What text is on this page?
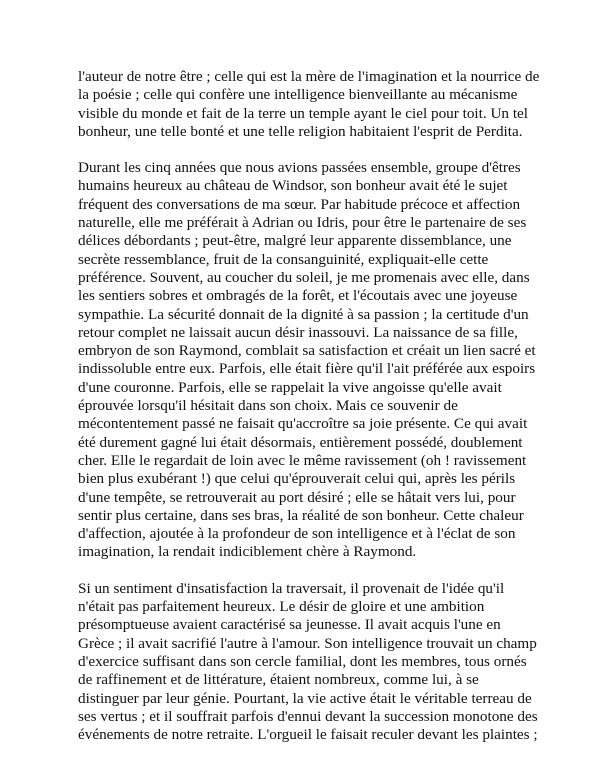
l'auteur de notre être ; celle qui est la mère de l'imagination et la nourrice de
la poésie ; celle qui confère une intelligence bienveillante au mécanisme
visible du monde et fait de la terre un temple ayant le ciel pour toit. Un tel
bonheur, une telle bonté et une telle religion habitaient l'esprit de Perdita.

Durant les cinq années que nous avions passées ensemble, groupe d'êtres
humains heureux au château de Windsor, son bonheur avait été le sujet
fréquent des conversations de ma sœur. Par habitude précoce et affection
naturelle, elle me préférait à Adrian ou Idris, pour être le partenaire de ses
délices débordants ; peut-être, malgré leur apparente dissemblance, une
secrète ressemblance, fruit de la consanguinité, expliquait-elle cette
préférence. Souvent, au coucher du soleil, je me promenais avec elle, dans
les sentiers sobres et ombragés de la forêt, et l'écoutais avec une joyeuse
sympathie. La sécurité donnait de la dignité à sa passion ; la certitude d'un
retour complet ne laissait aucun désir inassouvi. La naissance de sa fille,
embryon de son Raymond, comblait sa satisfaction et créait un lien sacré et
indissoluble entre eux. Parfois, elle était fière qu'il l'ait préférée aux espoirs
d'une couronne. Parfois, elle se rappelait la vive angoisse qu'elle avait
éprouvée lorsqu'il hésitait dans son choix. Mais ce souvenir de
mécontentement passé ne faisait qu'accroître sa joie présente. Ce qui avait
été durement gagné lui était désormais, entièrement possédé, doublement
cher. Elle le regardait de loin avec le même ravissement (oh ! ravissement
bien plus exubérant !) que celui qu'éprouverait celui qui, après les périls
d'une tempête, se retrouverait au port désiré ; elle se hâtait vers lui, pour
sentir plus certaine, dans ses bras, la réalité de son bonheur. Cette chaleur
d'affection, ajoutée à la profondeur de son intelligence et à l'éclat de son
imagination, la rendait indiciblement chère à Raymond.

Si un sentiment d'insatisfaction la traversait, il provenait de l'idée qu'il
n'était pas parfaitement heureux. Le désir de gloire et une ambition
présomptueuse avaient caractérisé sa jeunesse. Il avait acquis l'une en
Grèce ; il avait sacrifié l'autre à l'amour. Son intelligence trouvait un champ
d'exercice suffisant dans son cercle familial, dont les membres, tous ornés
de raffinement et de littérature, étaient nombreux, comme lui, à se
distinguer par leur génie. Pourtant, la vie active était le véritable terreau de
ses vertus ; et il souffrait parfois d'ennui devant la succession monotone des
événements de notre retraite. L'orgueil le faisait reculer devant les plaintes ;
